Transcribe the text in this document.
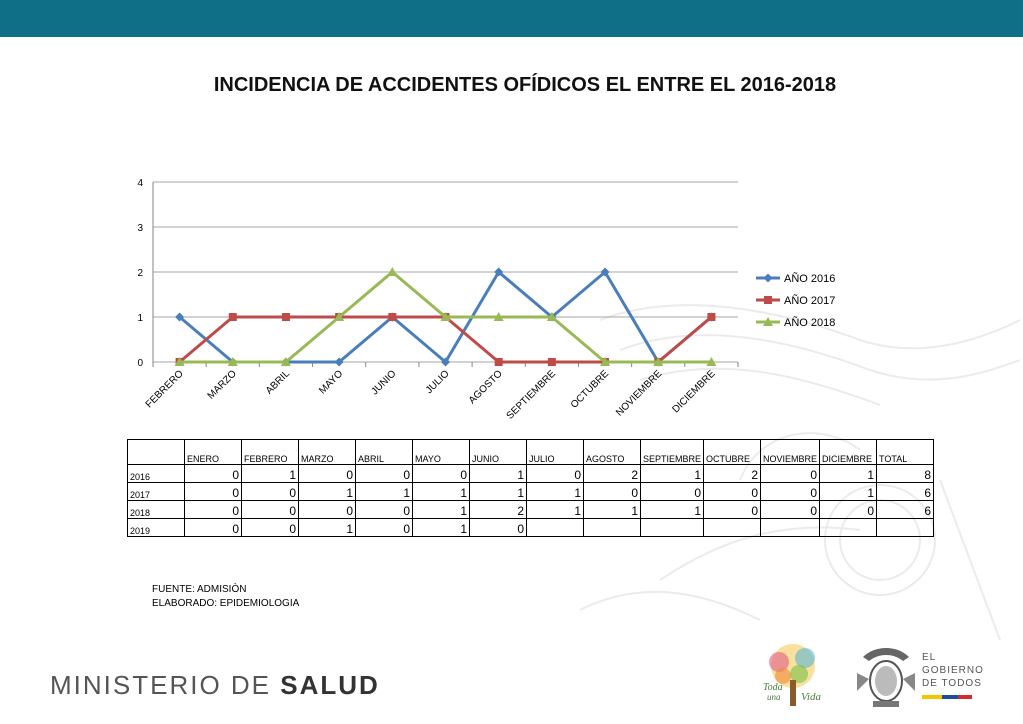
INCIDENCIA DE ACCIDENTES OFÍDICOS EL ENTRE EL 2016-2018
0
1
2
3
4
FEBRERO MARZO ABRIL	MAYO JUNIO	JULIO AGOSTO SEPTIEMBRE OCTUBRE NOVIEMBRE DICIEMBRE
AÑO 2016
AÑO 2017
AÑO 2018
	ENERO	FEBRERO	MARZO	ABRIL	MAYO	JUNIO	JULIO	AGOSTO	SEPTIEMBRE	OCTUBRE	NOVIEMBRE	DICIEMBRE	TOTAL
2016	0	1	0	0	0	1	0	2	1	2	0	1	8
2017	0	0	1	1	1	1	1	0	0	0	0	1	6
2018	0	0	0	0	1	2	1	1	1	0	0	0	6
2019	0	0	1	0	1	0							
FUENTE: ADMISIÒN
ELABORADO: EPIDEMIOLOGIA
MINISTERIO DE SALUD	Toda
una Vida
EL
GOBIERNO
DE TODOS
